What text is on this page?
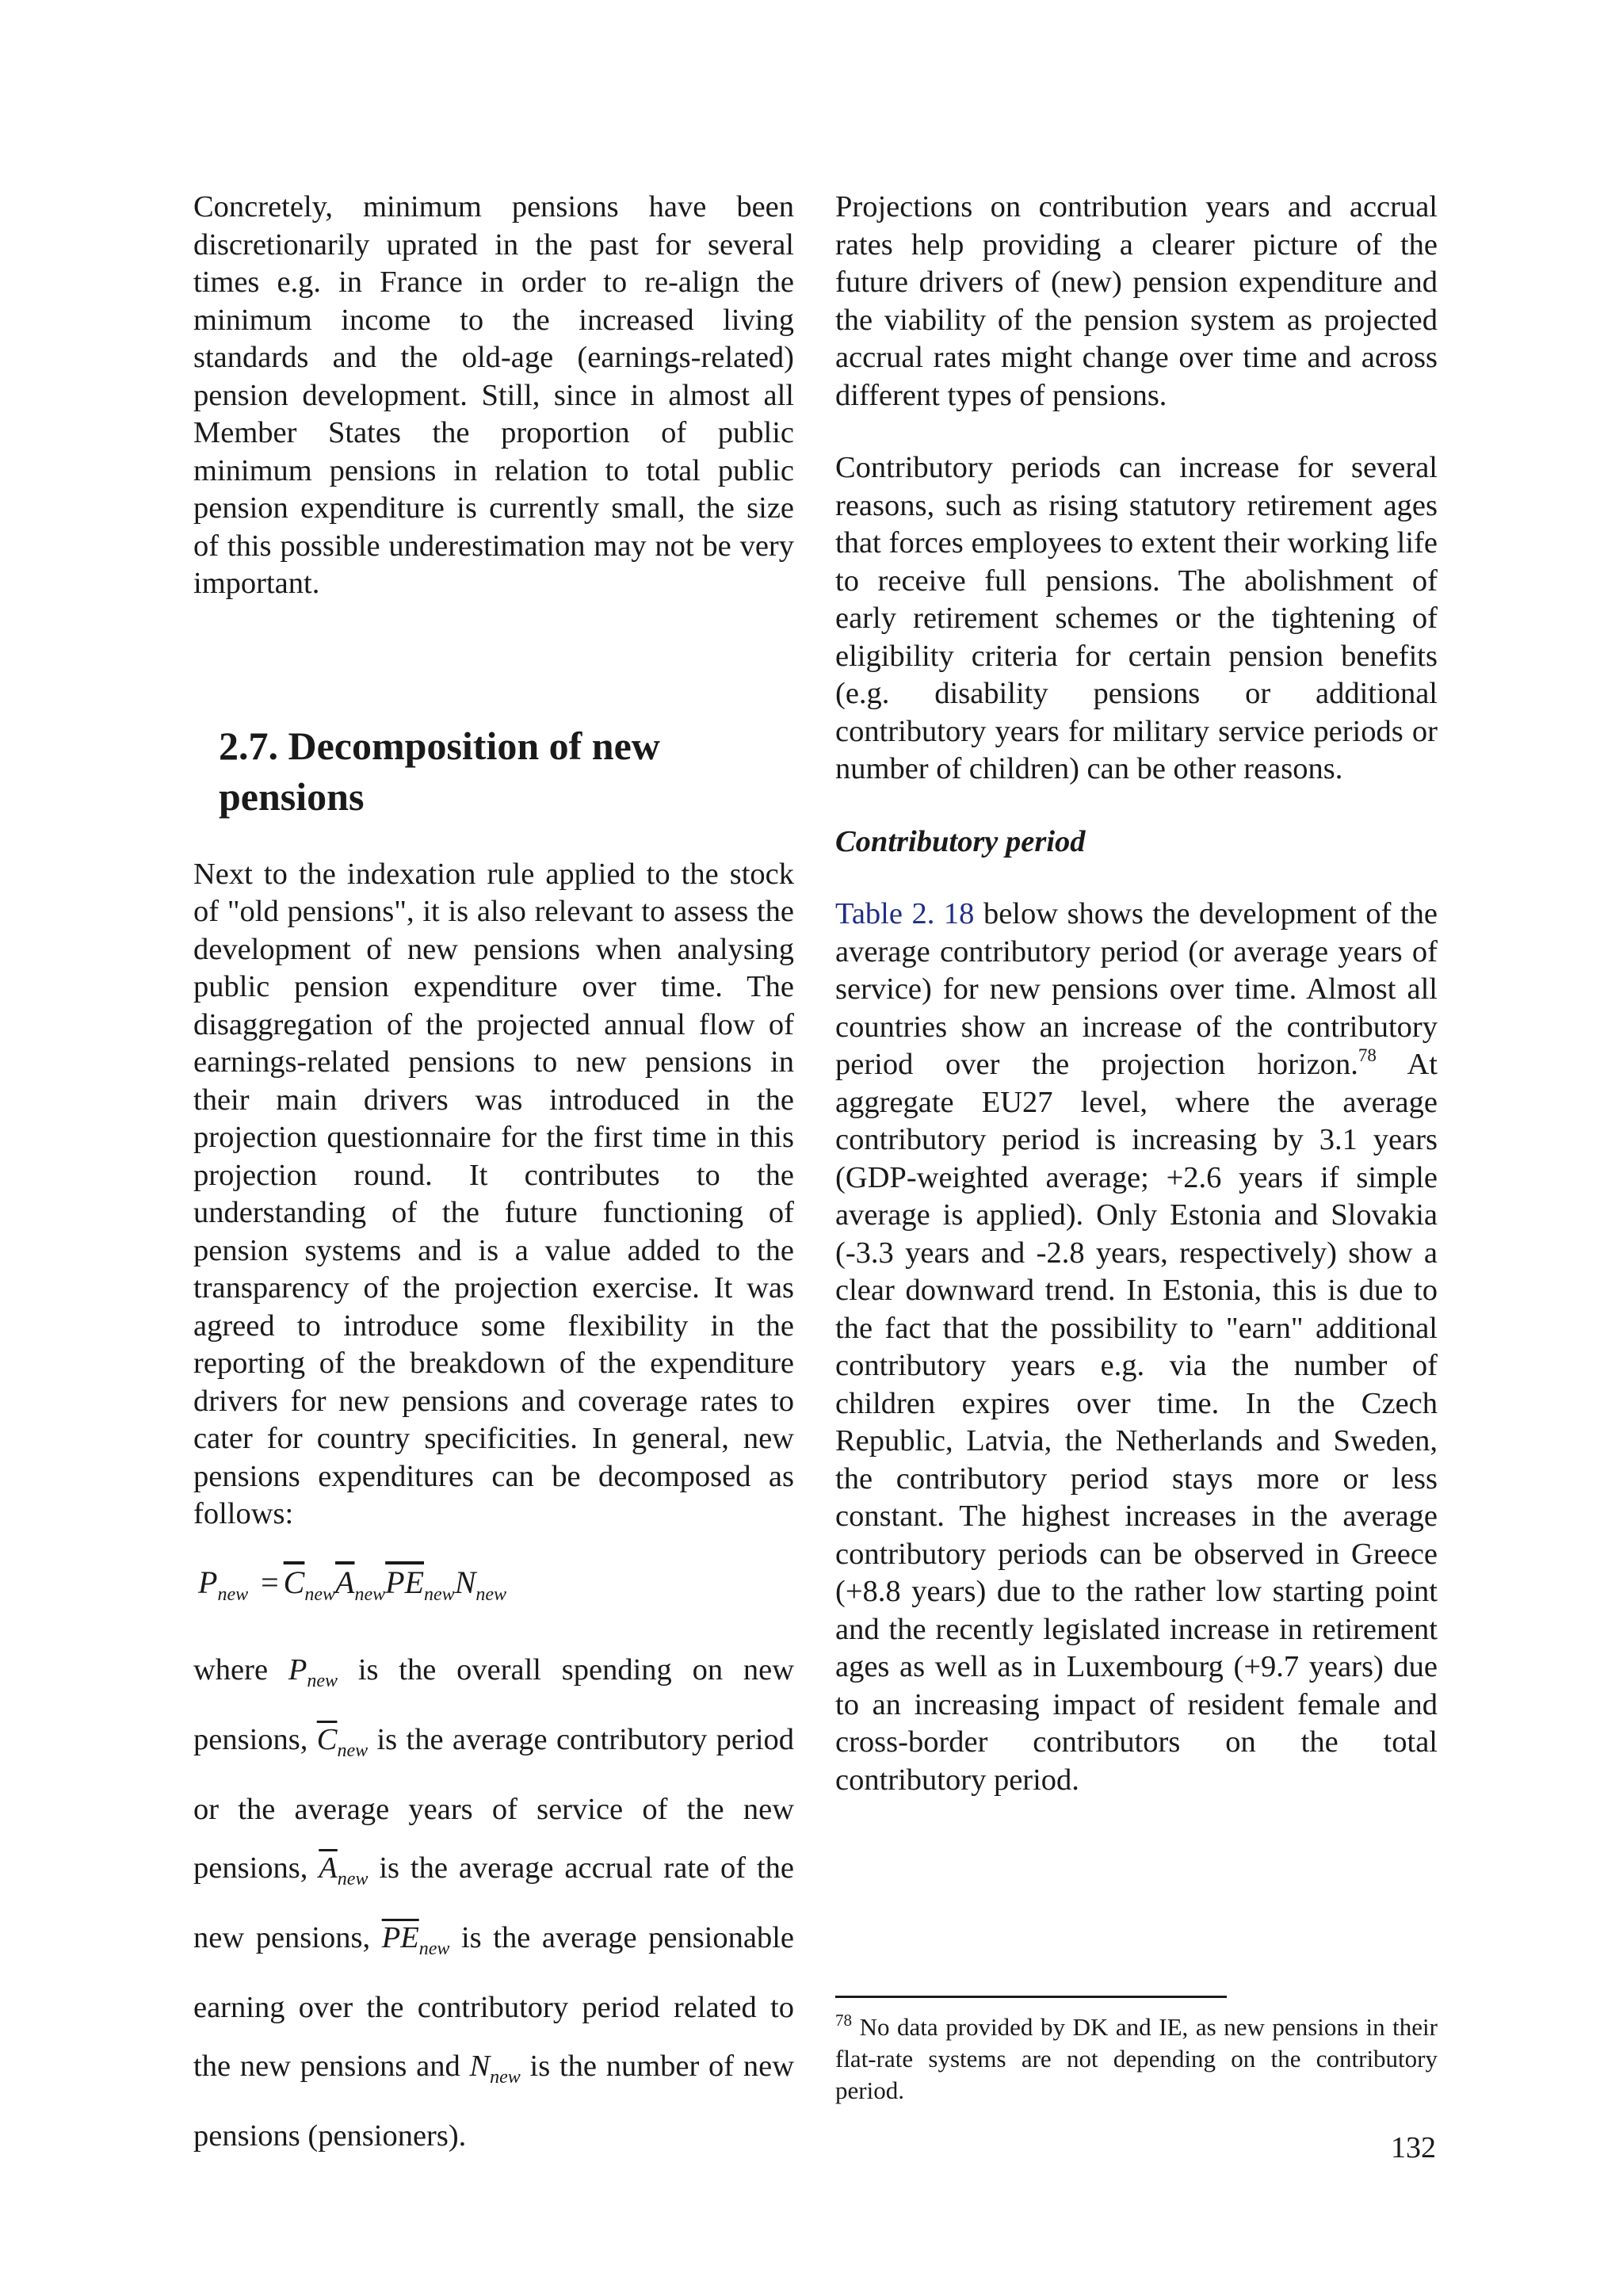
Concretely, minimum pensions have been discretionarily uprated in the past for several times e.g. in France in order to re-align the minimum income to the increased living standards and the old-age (earnings-related) pension development. Still, since in almost all Member States the proportion of public minimum pensions in relation to total public pension expenditure is currently small, the size of this possible underestimation may not be very important.

2.7. Decomposition of new
pensions

Next to the indexation rule applied to the stock of "old pensions", it is also relevant to assess the development of new pensions when analysing public pension expenditure over time. The disaggregation of the projected annual flow of earnings-related pensions to new pensions in their main drivers was introduced in the projection questionnaire for the first time in this projection round. It contributes to the understanding of the future functioning of pension systems and is a value added to the transparency of the projection exercise. It was agreed to introduce some flexibility in the reporting of the breakdown of the expenditure drivers for new pensions and coverage rates to cater for country specificities. In general, new pensions expenditures can be decomposed as follows:

$P_{new} = \overline{C}_{new}\overline{A}_{new}\overline{PE}_{new}N_{new}$

where $P_{new}$ is the overall spending on new pensions, $\overline{C}_{new}$ is the average contributory period or the average years of service of the new pensions, $\overline{A}_{new}$ is the average accrual rate of the new pensions, $\overline{PE}_{new}$ is the average pensionable earning over the contributory period related to the new pensions and $N_{new}$ is the number of new pensions (pensioners).

Projections on contribution years and accrual rates help providing a clearer picture of the future drivers of (new) pension expenditure and the viability of the pension system as projected accrual rates might change over time and across different types of pensions.

Contributory periods can increase for several reasons, such as rising statutory retirement ages that forces employees to extent their working life to receive full pensions. The abolishment of early retirement schemes or the tightening of eligibility criteria for certain pension benefits (e.g. disability pensions or additional contributory years for military service periods or number of children) can be other reasons.

Contributory period

Table 2. 18 below shows the development of the average contributory period (or average years of service) for new pensions over time. Almost all countries show an increase of the contributory period over the projection horizon.$^{78}$ At aggregate EU27 level, where the average contributory period is increasing by 3.1 years (GDP-weighted average; +2.6 years if simple average is applied). Only Estonia and Slovakia (-3.3 years and -2.8 years, respectively) show a clear downward trend. In Estonia, this is due to the fact that the possibility to "earn" additional contributory years e.g. via the number of children expires over time. In the Czech Republic, Latvia, the Netherlands and Sweden, the contributory period stays more or less constant. The highest increases in the average contributory periods can be observed in Greece (+8.8 years) due to the rather low starting point and the recently legislated increase in retirement ages as well as in Luxembourg (+9.7 years) due to an increasing impact of resident female and cross-border contributors on the total contributory period.

$^{78}$ No data provided by DK and IE, as new pensions in their flat-rate systems are not depending on the contributory period.

132
